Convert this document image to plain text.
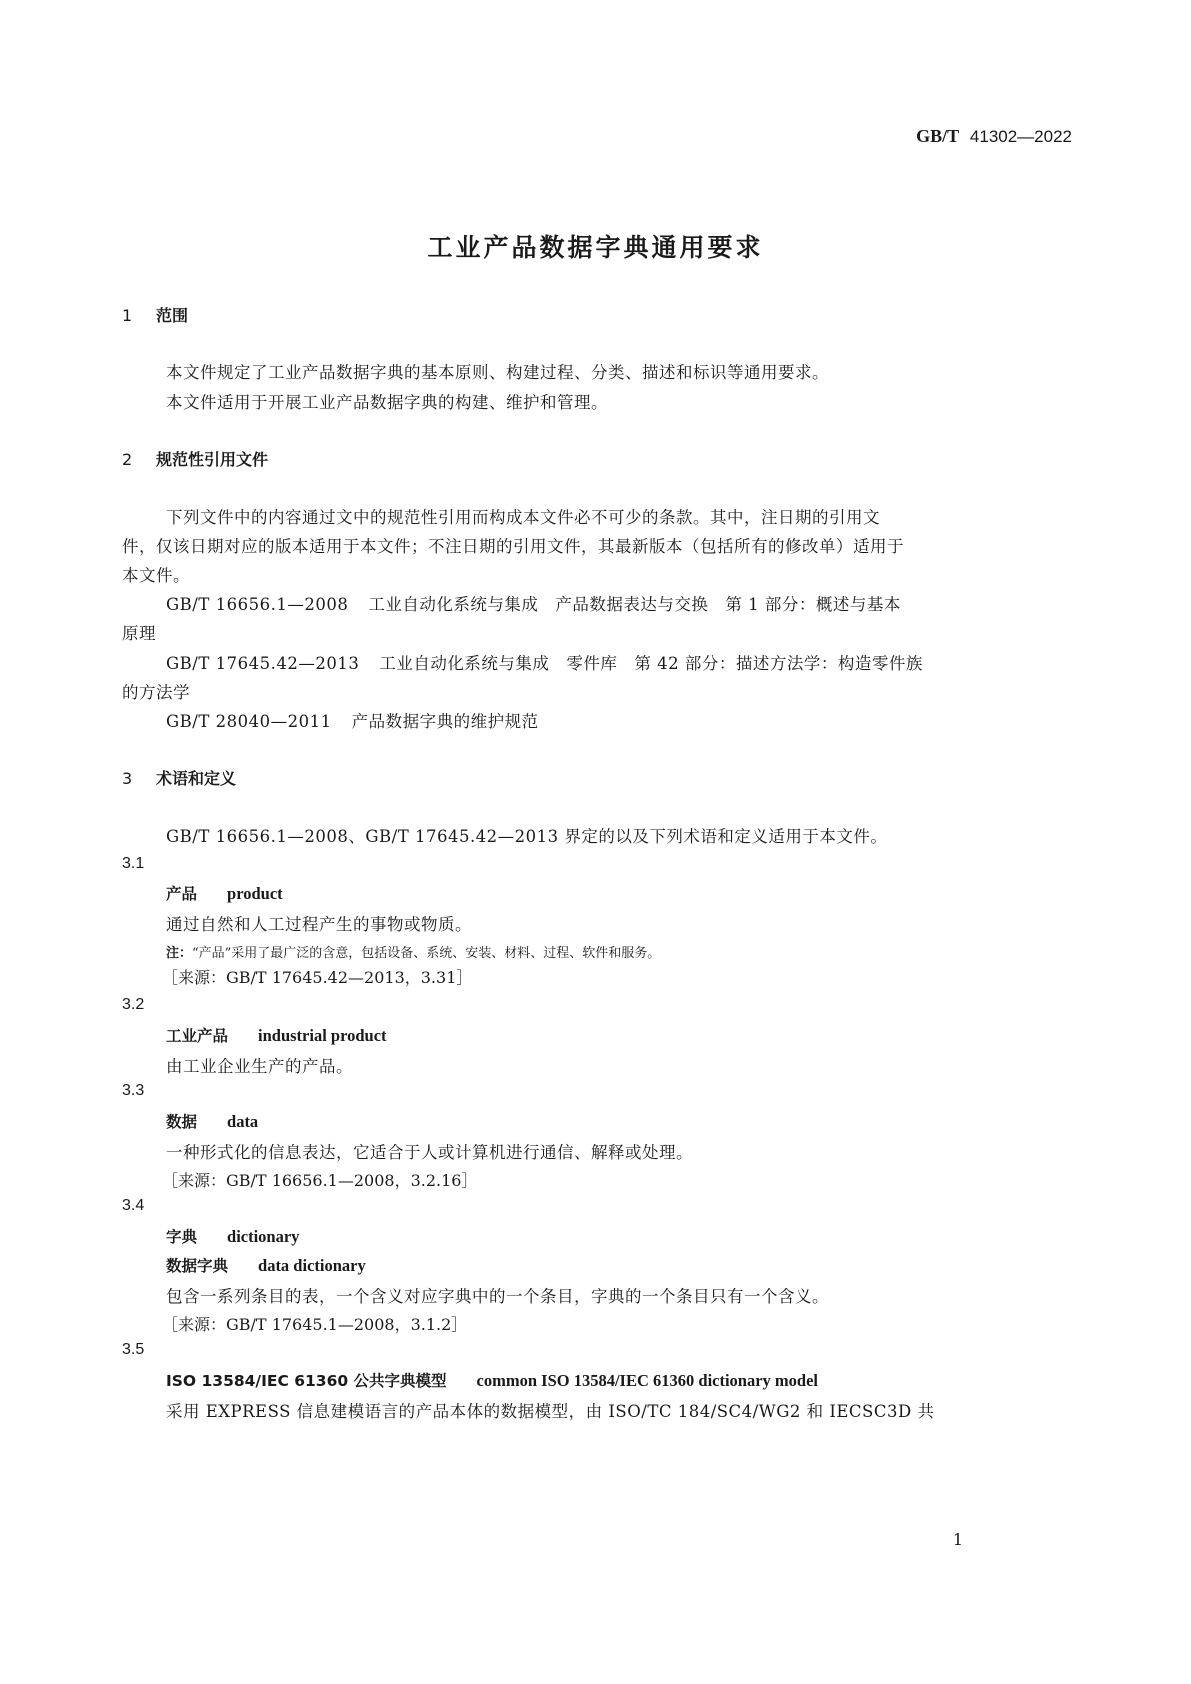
GB/T 41302—2022
工业产品数据字典通用要求
1 范围
本文件规定了工业产品数据字典的基本原则、构建过程、分类、描述和标识等通用要求。
本文件适用于开展工业产品数据字典的构建、维护和管理。
2 规范性引用文件
下列文件中的内容通过文中的规范性引用而构成本文件必不可少的条款。其中，注日期的引用文
件，仅该日期对应的版本适用于本文件；不注日期的引用文件，其最新版本（包括所有的修改单）适用于
本文件。
GB/T 16656.1—2008 工业自动化系统与集成　产品数据表达与交换　第 1 部分：概述与基本
原理
GB/T 17645.42—2013 工业自动化系统与集成　零件库　第 42 部分：描述方法学：构造零件族
的方法学
GB/T 28040—2011 产品数据字典的维护规范
3 术语和定义
GB/T 16656.1—2008、GB/T 17645.42—2013 界定的以及下列术语和定义适用于本文件。
3.1
产品 product
通过自然和人工过程产生的事物或物质。
注：“产品”采用了最广泛的含意，包括设备、系统、安装、材料、过程、软件和服务。
［来源：GB/T 17645.42—2013，3.31］
3.2
工业产品 industrial product
由工业企业生产的产品。
3.3
数据 data
一种形式化的信息表达，它适合于人或计算机进行通信、解释或处理。
［来源：GB/T 16656.1—2008，3.2.16］
3.4
字典 dictionary
数据字典 data dictionary
包含一系列条目的表，一个含义对应字典中的一个条目，字典的一个条目只有一个含义。
［来源：GB/T 17645.1—2008，3.1.2］
3.5
ISO 13584/IEC 61360 公共字典模型 common ISO 13584/IEC 61360 dictionary model
采用 EXPRESS 信息建模语言的产品本体的数据模型，由 ISO/TC 184/SC4/WG2 和 IECSC3D 共
1
